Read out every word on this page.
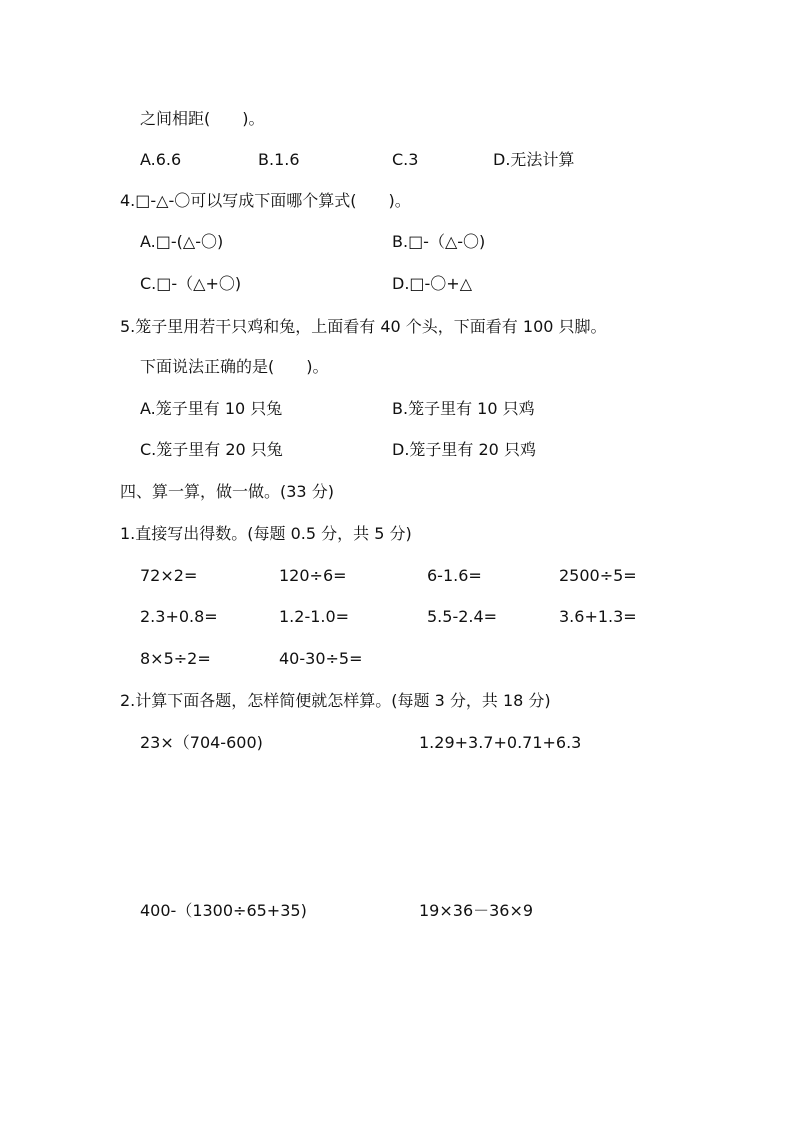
之间相距(　　)。
A.6.6	B.1.6	C.3	D.无法计算
4.□-△-〇可以写成下面哪个算式(　　)。
A.□-(△-〇)	B.□-（△-〇)
C.□-（△+〇)	D.□-〇+△
5.笼子里用若干只鸡和兔，上面看有 40 个头，下面看有 100 只脚。
下面说法正确的是(　　)。
A.笼子里有 10 只兔	B.笼子里有 10 只鸡
C.笼子里有 20 只兔	D.笼子里有 20 只鸡
四、算一算，做一做。(33 分)
1.直接写出得数。(每题 0.5 分，共 5 分)
72×2=	120÷6=	6-1.6=	2500÷5=
2.3+0.8=	1.2-1.0=	5.5-2.4=	3.6+1.3=
8×5÷2=	40-30÷5=
2.计算下面各题，怎样简便就怎样算。(每题 3 分，共 18 分)
23×（704-600)	1.29+3.7+0.71+6.3
400-（1300÷65+35)	19×36－36×9
